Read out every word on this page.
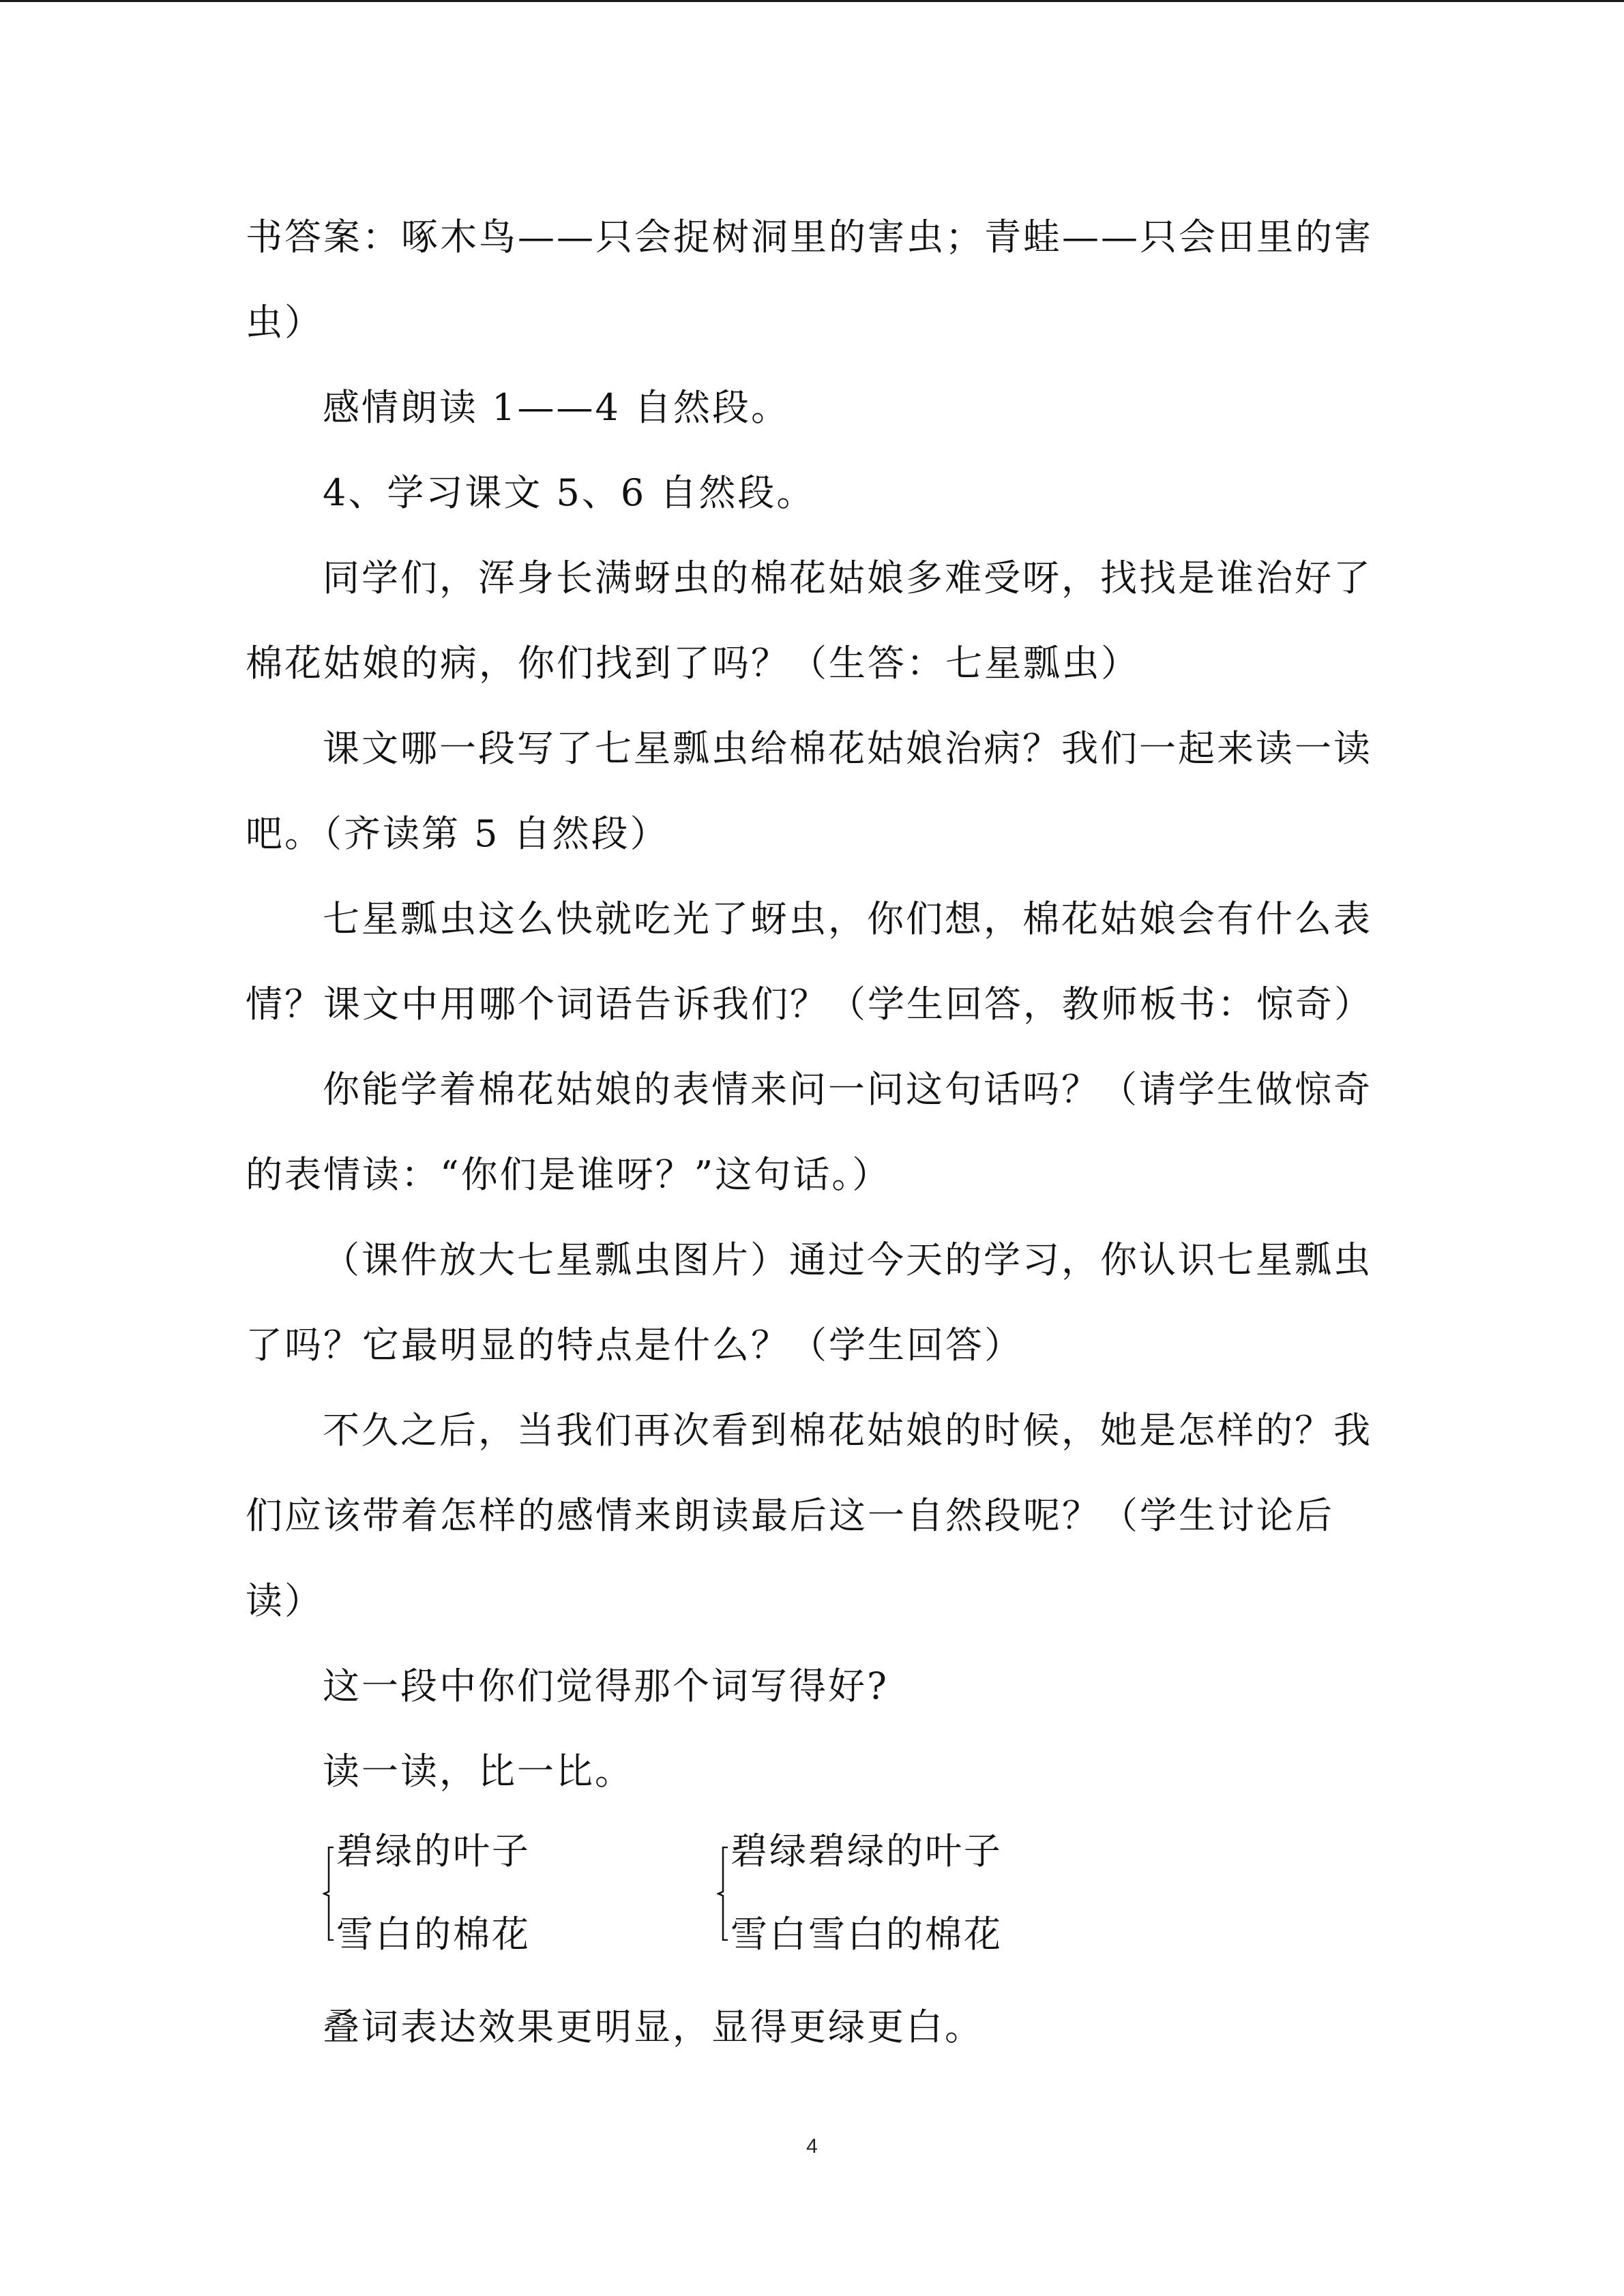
书答案：啄木鸟——只会捉树洞里的害虫；青蛙——只会田里的害
虫）
感情朗读 1——4 自然段。
4、学习课文 5、6 自然段。
同学们，浑身长满蚜虫的棉花姑娘多难受呀，找找是谁治好了
棉花姑娘的病，你们找到了吗？（生答：七星瓢虫）
课文哪一段写了七星瓢虫给棉花姑娘治病？我们一起来读一读
吧。（齐读第 5 自然段）
七星瓢虫这么快就吃光了蚜虫，你们想，棉花姑娘会有什么表
情？课文中用哪个词语告诉我们？（学生回答，教师板书：惊奇）
你能学着棉花姑娘的表情来问一问这句话吗？（请学生做惊奇
的表情读：“你们是谁呀？”这句话。）
（课件放大七星瓢虫图片）通过今天的学习，你认识七星瓢虫
了吗？它最明显的特点是什么？（学生回答）
不久之后，当我们再次看到棉花姑娘的时候，她是怎样的？我
们应该带着怎样的感情来朗读最后这一自然段呢？（学生讨论后
读）
这一段中你们觉得那个词写得好?
读一读，比一比。
碧绿的叶子
雪白的棉花
碧绿碧绿的叶子
雪白雪白的棉花
叠词表达效果更明显，显得更绿更白。
4
